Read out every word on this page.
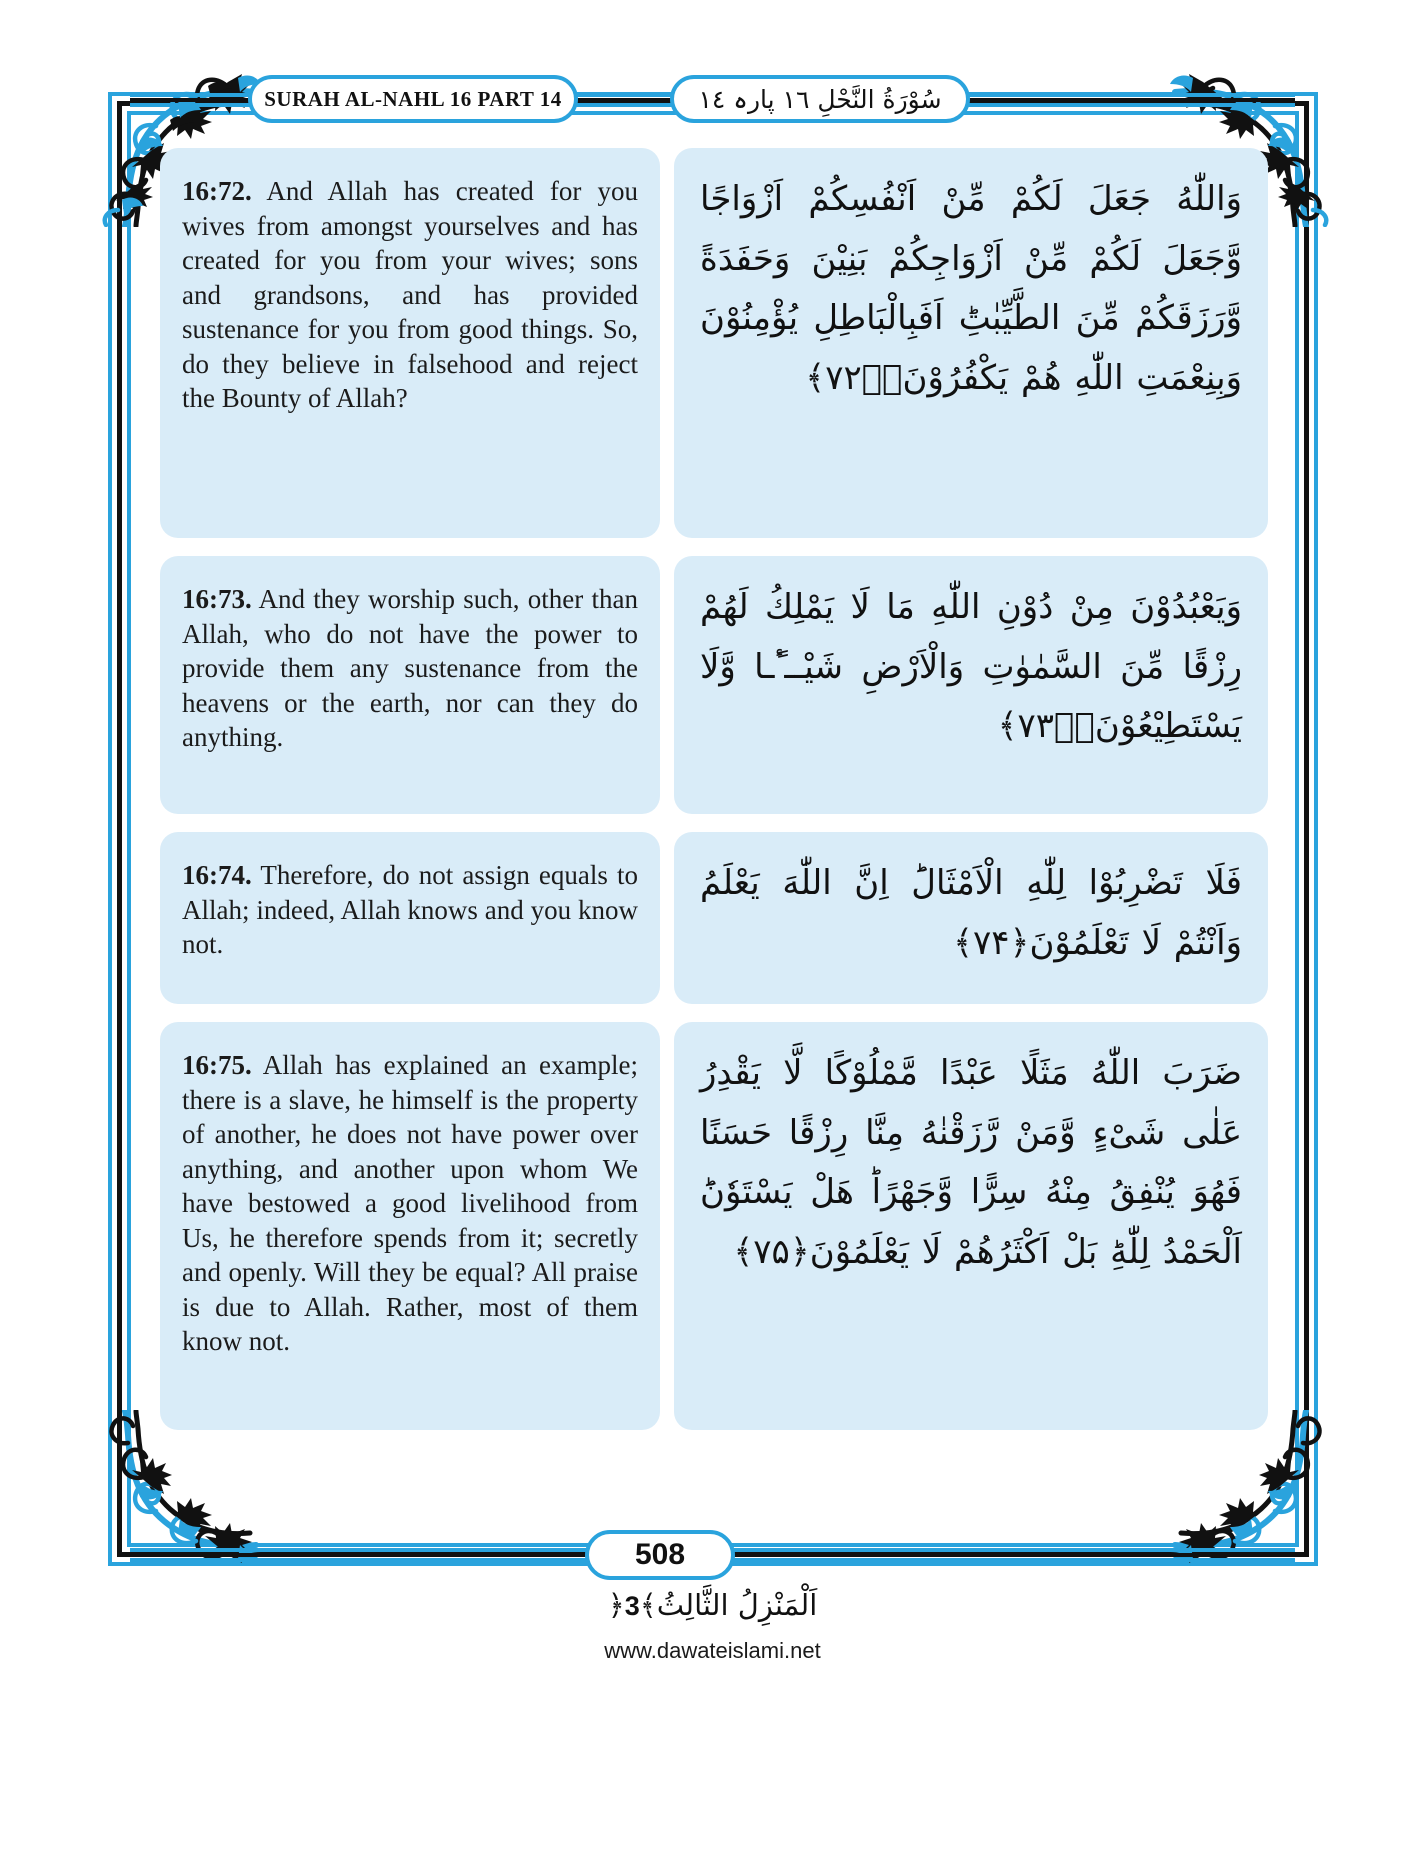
SURAH AL-NAHL 16 PART 14	سُوْرَةُ النَّحْلِ ١٦ پارہ ١٤

16:72. And Allah has created for you wives from amongst yourselves and has created for you from your wives; sons and grandsons, and has provided sustenance for you from good things. So, do they believe in falsehood and reject the Bounty of Allah?

وَاللّٰهُ جَعَلَ لَكُمْ مِّنْ اَنْفُسِكُمْ اَزْوَاجًا وَّجَعَلَ لَكُمْ مِّنْ اَزْوَاجِكُمْ بَنِیْنَ وَحَفَدَةً وَّرَزَقَكُمْ مِّنَ الطَّیِّبٰتِؕ اَفَبِالْبَاطِلِ یُؤْمِنُوْنَ وَبِنِعْمَتِ اللّٰهِ هُمْ یَكْفُرُوْنَۙ﴿۷۲﴾

16:73. And they worship such, other than Allah, who do not have the power to provide them any sustenance from the heavens or the earth, nor can they do anything.

وَیَعْبُدُوْنَ مِنْ دُوْنِ اللّٰهِ مَا لَا یَمْلِكُ لَهُمْ رِزْقًا مِّنَ السَّمٰوٰتِ وَالْاَرْضِ شَیْــٴًـا وَّلَا یَسْتَطِیْعُوْنَۚ﴿۷۳﴾

16:74. Therefore, do not assign equals to Allah; indeed, Allah knows and you know not.

فَلَا تَضْرِبُوْا لِلّٰهِ الْاَمْثَالَؕ اِنَّ اللّٰهَ یَعْلَمُ وَاَنْتُمْ لَا تَعْلَمُوْنَ﴿۷۴﴾

16:75. Allah has explained an example; there is a slave, he himself is the property of another, he does not have power over anything, and another upon whom We have bestowed a good livelihood from Us, he therefore spends from it; secretly and openly. Will they be equal? All praise is due to Allah. Rather, most of them know not.

ضَرَبَ اللّٰهُ مَثَلًا عَبْدًا مَّمْلُوْكًا لَّا یَقْدِرُ عَلٰى شَیْءٍ وَّمَنْ رَّزَقْنٰهُ مِنَّا رِزْقًا حَسَنًا فَهُوَ یُنْفِقُ مِنْهُ سِرًّا وَّجَهْرًاؕ هَلْ یَسْتَوٗنَؕ اَلْحَمْدُ لِلّٰهِؕ بَلْ اَكْثَرُهُمْ لَا یَعْلَمُوْنَ﴿۷۵﴾

508
اَلْمَنْزِلُ الثَّالِثُ﴾3﴿
www.dawateislami.net
